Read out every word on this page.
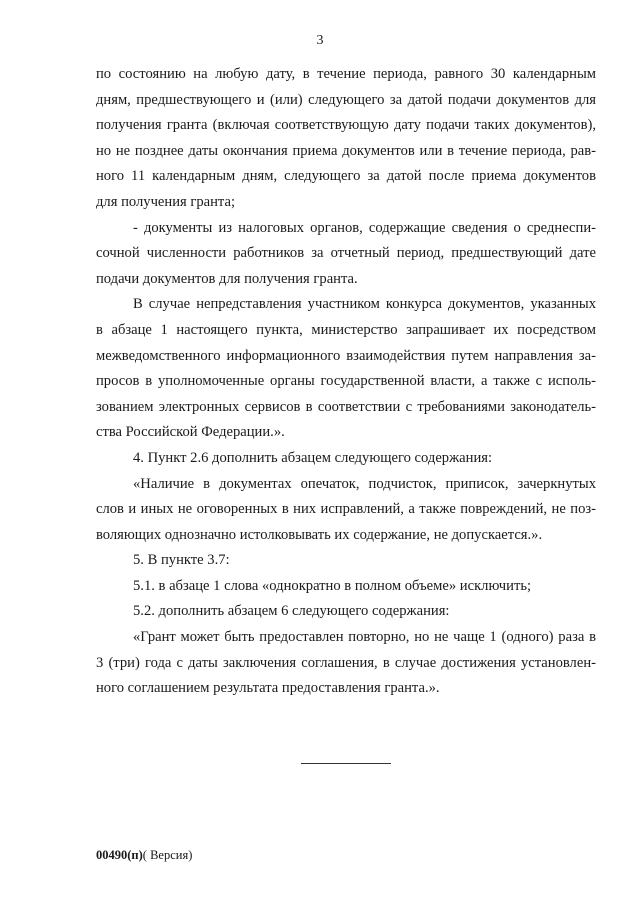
3
по состоянию на любую дату, в течение периода, равного 30 календарным
дням, предшествующего и (или) следующего за датой подачи документов для
получения гранта (включая соответствующую дату подачи таких документов),
но не позднее даты окончания приема документов или в течение периода, рав-
ного 11 календарным дням, следующего за датой после приема документов
для получения гранта;
- документы из налоговых органов, содержащие сведения о среднеспи-
сочной численности работников за отчетный период, предшествующий дате
подачи документов для получения гранта.
В случае непредставления участником конкурса документов, указанных
в абзаце 1 настоящего пункта, министерство запрашивает их посредством
межведомственного информационного взаимодействия путем направления за-
просов в уполномоченные органы государственной власти, а также с исполь-
зованием электронных сервисов в соответствии с требованиями законодатель-
ства Российской Федерации.».
4. Пункт 2.6 дополнить абзацем следующего содержания:
«Наличие в документах опечаток, подчисток, приписок, зачеркнутых
слов и иных не оговоренных в них исправлений, а также повреждений, не поз-
воляющих однозначно истолковывать их содержание, не допускается.».
5. В пункте 3.7:
5.1. в абзаце 1 слова «однократно в полном объеме» исключить;
5.2. дополнить абзацем 6 следующего содержания:
«Грант может быть предоставлен повторно, но не чаще 1 (одного) раза в
3 (три) года с даты заключения соглашения, в случае достижения установлен-
ного соглашением результата предоставления гранта.».
00490(п)( Версия)
